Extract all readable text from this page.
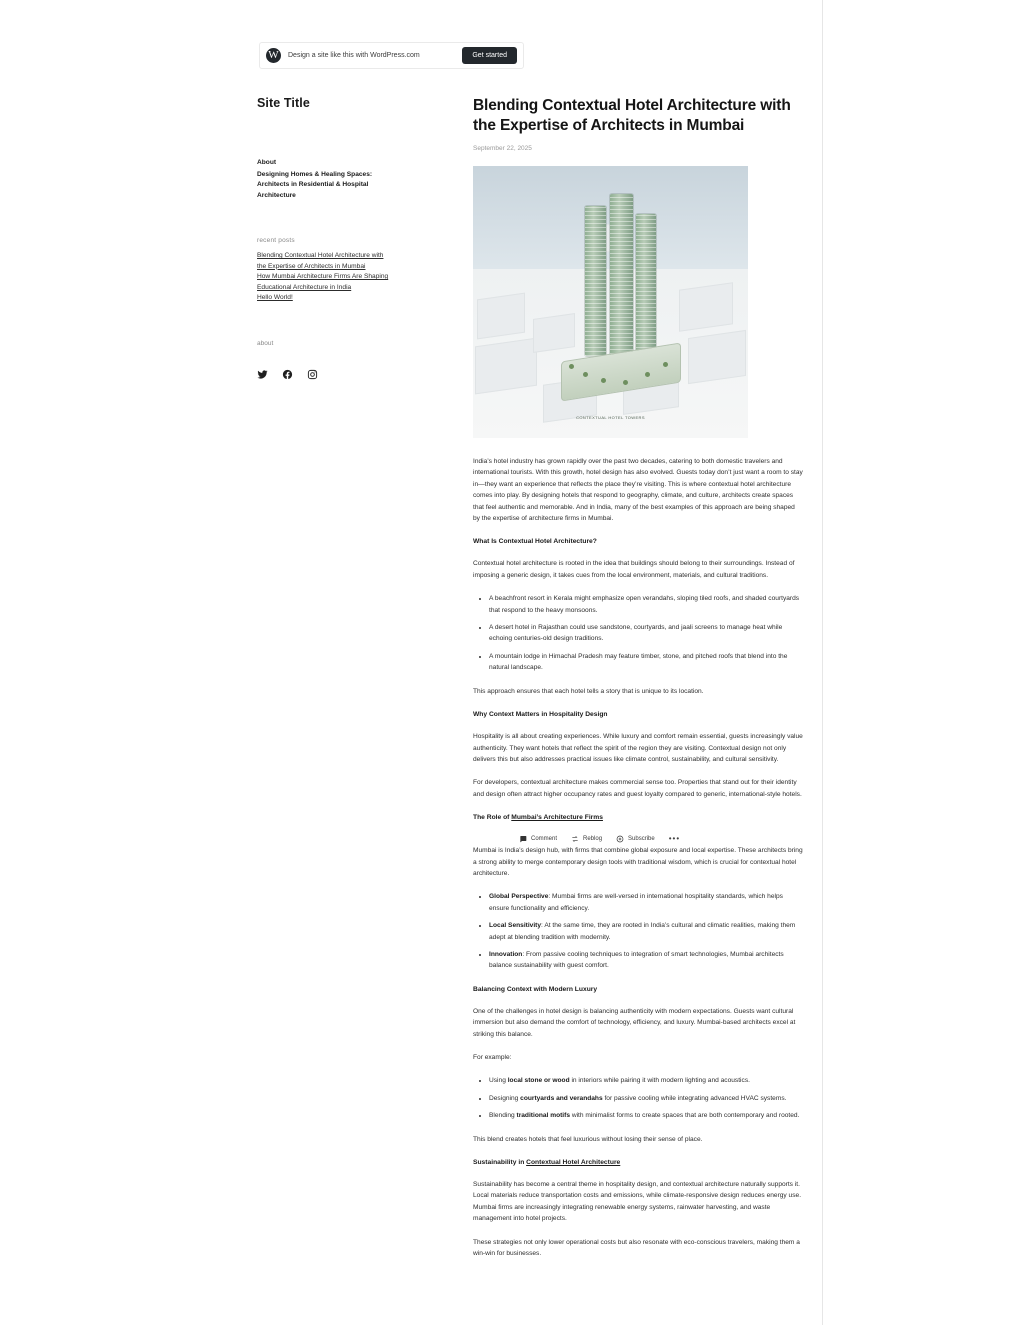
W	Design a site like this with WordPress.com	Get started
Site Title
About
Designing Homes & Healing Spaces: Architects in Residential & Hospital Architecture
recent posts
Blending Contextual Hotel Architecture with the Expertise of Architects in Mumbai
How Mumbai Architecture Firms Are Shaping Educational Architecture in India
Hello World!
about
Blending Contextual Hotel Architecture with the Expertise of Architects in Mumbai
September 22, 2025
CONTEXTUAL HOTEL TOWERS

India’s hotel industry has grown rapidly over the past two decades, catering to both domestic travelers and international tourists. With this growth, hotel design has also evolved. Guests today don’t just want a room to stay in—they want an experience that reflects the place they’re visiting. This is where contextual hotel architecture comes into play. By designing hotels that respond to geography, climate, and culture, architects create spaces that feel authentic and memorable. And in India, many of the best examples of this approach are being shaped by the expertise of architecture firms in Mumbai.

What Is Contextual Hotel Architecture?

Contextual hotel architecture is rooted in the idea that buildings should belong to their surroundings. Instead of imposing a generic design, it takes cues from the local environment, materials, and cultural traditions.

• A beachfront resort in Kerala might emphasize open verandahs, sloping tiled roofs, and shaded courtyards that respond to the heavy monsoons.
• A desert hotel in Rajasthan could use sandstone, courtyards, and jaali screens to manage heat while echoing centuries-old design traditions.
• A mountain lodge in Himachal Pradesh may feature timber, stone, and pitched roofs that blend into the natural landscape.

This approach ensures that each hotel tells a story that is unique to its location.

Why Context Matters in Hospitality Design

Hospitality is all about creating experiences. While luxury and comfort remain essential, guests increasingly value authenticity. They want hotels that reflect the spirit of the region they are visiting. Contextual design not only delivers this but also addresses practical issues like climate control, sustainability, and cultural sensitivity.

For developers, contextual architecture makes commercial sense too. Properties that stand out for their identity and design often attract higher occupancy rates and guest loyalty compared to generic, international-style hotels.

The Role of Mumbai’s Architecture Firms
Comment	Reblog	Subscribe •••

Mumbai is India’s design hub, with firms that combine global exposure and local expertise. These architects bring a strong ability to merge contemporary design tools with traditional wisdom, which is crucial for contextual hotel architecture.

• Global Perspective: Mumbai firms are well-versed in international hospitality standards, which helps ensure functionality and efficiency.
• Local Sensitivity: At the same time, they are rooted in India’s cultural and climatic realities, making them adept at blending tradition with modernity.
• Innovation: From passive cooling techniques to integration of smart technologies, Mumbai architects balance sustainability with guest comfort.
Balancing Context with Modern Luxury

One of the challenges in hotel design is balancing authenticity with modern expectations. Guests want cultural immersion but also demand the comfort of technology, efficiency, and luxury. Mumbai-based architects excel at striking this balance.

For example:

• Using local stone or wood in interiors while pairing it with modern lighting and acoustics.
• Designing courtyards and verandahs for passive cooling while integrating advanced HVAC systems.
• Blending traditional motifs with minimalist forms to create spaces that are both contemporary and rooted.

This blend creates hotels that feel luxurious without losing their sense of place.

Sustainability in Contextual Hotel Architecture

Sustainability has become a central theme in hospitality design, and contextual architecture naturally supports it. Local materials reduce transportation costs and emissions, while climate-responsive design reduces energy use. Mumbai firms are increasingly integrating renewable energy systems, rainwater harvesting, and waste management into hotel projects.

These strategies not only lower operational costs but also resonate with eco-conscious travelers, making them a win-win for businesses.
